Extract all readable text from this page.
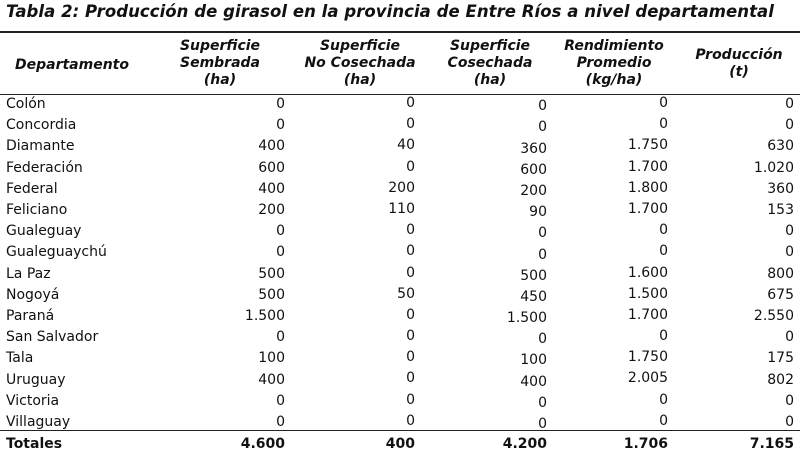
Tabla 2: Producción de girasol en la provincia de Entre Ríos a nivel departamental
Departamento	Superficie
Sembrada
(ha)	Superficie
No Cosechada
(ha)	Superficie
Cosechada
(ha)	Rendimiento
Promedio
(kg/ha)	Producción
(t)
Colón	0	0	0	0	0
Concordia	0	0	0	0	0
Diamante	400	40	360	1.750	630
Federación	600	0	600	1.700	1.020
Federal	400	200	200	1.800	360
Feliciano	200	110	90	1.700	153
Gualeguay	0	0	0	0	0
Gualeguaychú	0	0	0	0	0
La Paz	500	0	500	1.600	800
Nogoyá	500	50	450	1.500	675
Paraná	1.500	0	1.500	1.700	2.550
San Salvador	0	0	0	0	0
Tala	100	0	100	1.750	175
Uruguay	400	0	400	2.005	802
Victoria	0	0	0	0	0
Villaguay	0	0	0	0	0
Totales	4.600	400	4.200	1.706	7.165
